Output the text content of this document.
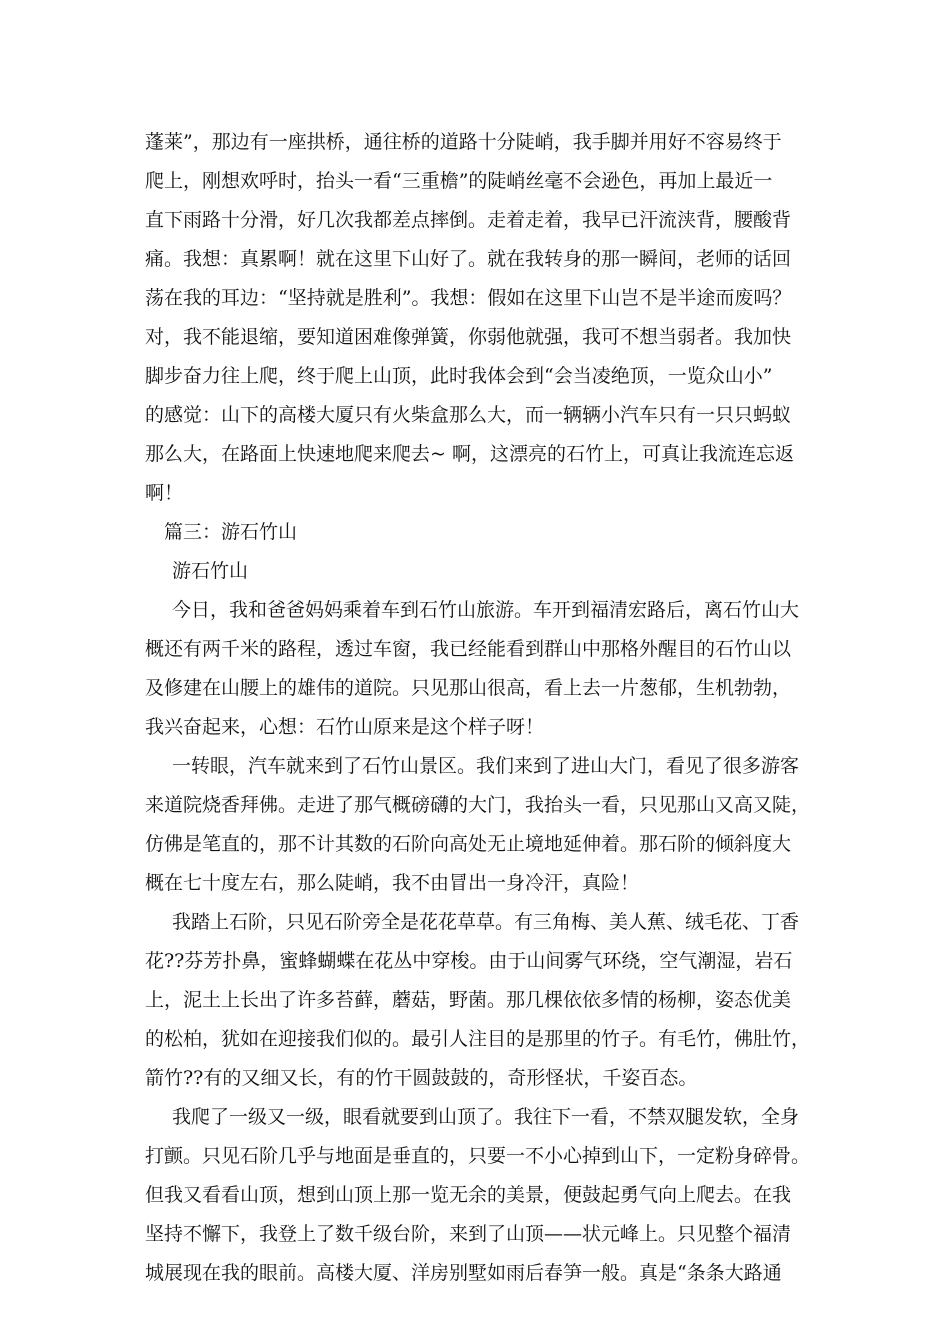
蓬莱”，那边有一座拱桥，通往桥的道路十分陡峭，我手脚并用好不容易终于
爬上，刚想欢呼时，抬头一看“三重檐”的陡峭丝毫不会逊色，再加上最近一
直下雨路十分滑，好几次我都差点摔倒。走着走着，我早已汗流浃背，腰酸背
痛。我想：真累啊！就在这里下山好了。就在我转身的那一瞬间，老师的话回
荡在我的耳边：“坚持就是胜利”。我想：假如在这里下山岂不是半途而废吗？
对，我不能退缩，要知道困难像弹簧，你弱他就强，我可不想当弱者。我加快
脚步奋力往上爬，终于爬上山顶，此时我体会到“会当凌绝顶，一览众山小”
的感觉：山下的高楼大厦只有火柴盒那么大，而一辆辆小汽车只有一只只蚂蚁
那么大，在路面上快速地爬来爬去~ 啊，这漂亮的石竹上，可真让我流连忘返
啊！
篇三：游石竹山
游石竹山
今日，我和爸爸妈妈乘着车到石竹山旅游。车开到福清宏路后，离石竹山大
概还有两千米的路程，透过车窗，我已经能看到群山中那格外醒目的石竹山以
及修建在山腰上的雄伟的道院。只见那山很高，看上去一片葱郁，生机勃勃，
我兴奋起来，心想：石竹山原来是这个样子呀！
一转眼，汽车就来到了石竹山景区。我们来到了进山大门，看见了很多游客
来道院烧香拜佛。走进了那气概磅礴的大门，我抬头一看，只见那山又高又陡，
仿佛是笔直的，那不计其数的石阶向高处无止境地延伸着。那石阶的倾斜度大
概在七十度左右，那么陡峭，我不由冒出一身冷汗，真险！
我踏上石阶，只见石阶旁全是花花草草。有三角梅、美人蕉、绒毛花、丁香
花??芬芳扑鼻，蜜蜂蝴蝶在花丛中穿梭。由于山间雾气环绕，空气潮湿，岩石
上，泥土上长出了许多苔藓，蘑菇，野菌。那几棵依依多情的杨柳，姿态优美
的松柏，犹如在迎接我们似的。最引人注目的是那里的竹子。有毛竹，佛肚竹，
箭竹??有的又细又长，有的竹干圆鼓鼓的，奇形怪状，千姿百态。
我爬了一级又一级，眼看就要到山顶了。我往下一看，不禁双腿发软，全身
打颤。只见石阶几乎与地面是垂直的，只要一不小心掉到山下，一定粉身碎骨。
但我又看看山顶，想到山顶上那一览无余的美景，便鼓起勇气向上爬去。在我
坚持不懈下，我登上了数千级台阶，来到了山顶——状元峰上。只见整个福清
城展现在我的眼前。高楼大厦、洋房别墅如雨后春笋一般。真是“条条大路通
